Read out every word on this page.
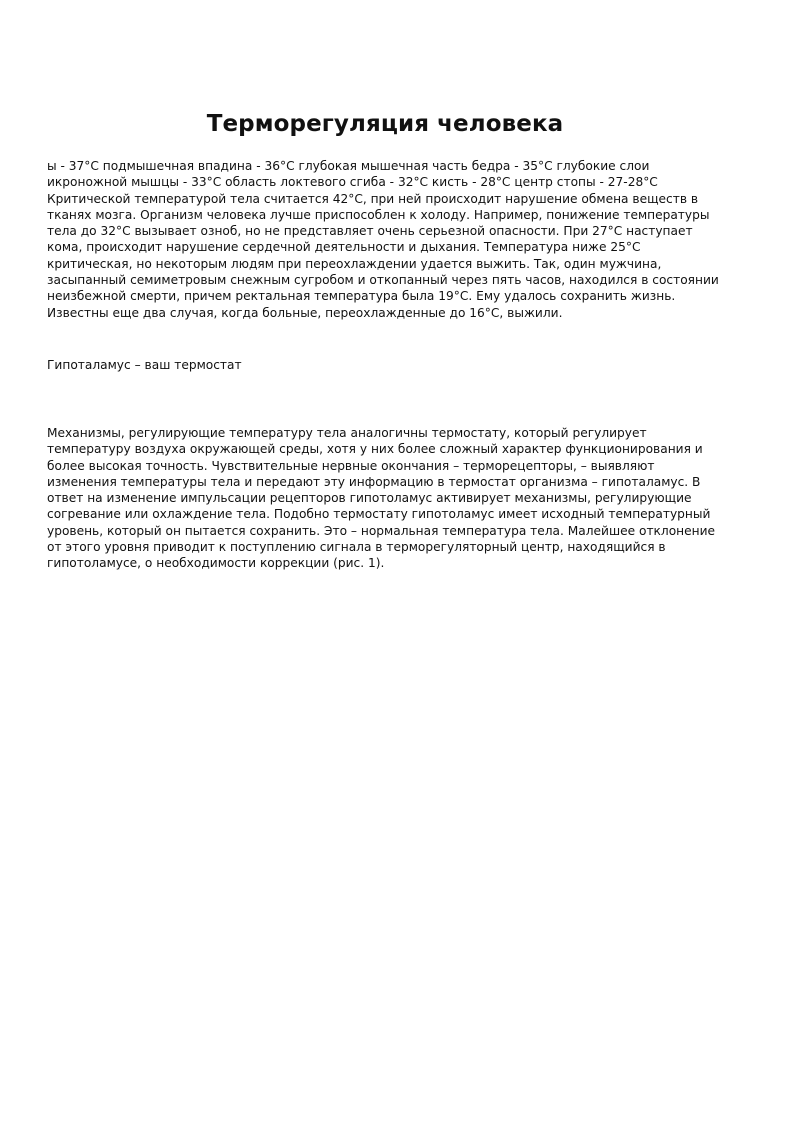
Терморегуляция человека

ы - 37°C подмышечная впадина - 36°C глубокая мышечная часть бедра - 35°C глубокие слои икроножной мышцы - 33°C область локтевого сгиба - 32°C кисть - 28°C центр стопы - 27-28°C Критической температурой тела считается 42°C, при ней происходит нарушение обмена веществ в тканях мозга. Организм человека лучше приспособлен к холоду. Например, понижение температуры тела до 32°C вызывает озноб, но не представляет очень серьезной опасности. При 27°C наступает кома, происходит нарушение сердечной деятельности и дыхания. Температура ниже 25°C критическая, но некоторым людям при переохлаждении удается выжить. Так, один мужчина, засыпанный семиметровым снежным сугробом и откопанный через пять часов, находился в состоянии неизбежной смерти, причем ректальная температура была 19°C. Ему удалось сохранить жизнь. Известны еще два случая, когда больные, переохлажденные до 16°C, выжили.

Гипоталамус – ваш термостат

Механизмы, регулирующие температуру тела аналогичны термостату, который регулирует температуру воздуха окружающей среды, хотя у них более сложный характер функционирования и более высокая точность. Чувствительные нервные окончания – терморецепторы, – выявляют изменения температуры тела и передают эту информацию в термостат организма – гипоталамус. В ответ на изменение импульсации рецепторов гипотоламус активирует механизмы, регулирующие согревание или охлаждение тела. Подобно термостату гипотоламус имеет исходный температурный уровень, который он пытается сохранить. Это – нормальная температура тела. Малейшее отклонение от этого уровня приводит к поступлению сигнала в терморегуляторный центр, находящийся в гипотоламусе, о необходимости коррекции (рис. 1).
